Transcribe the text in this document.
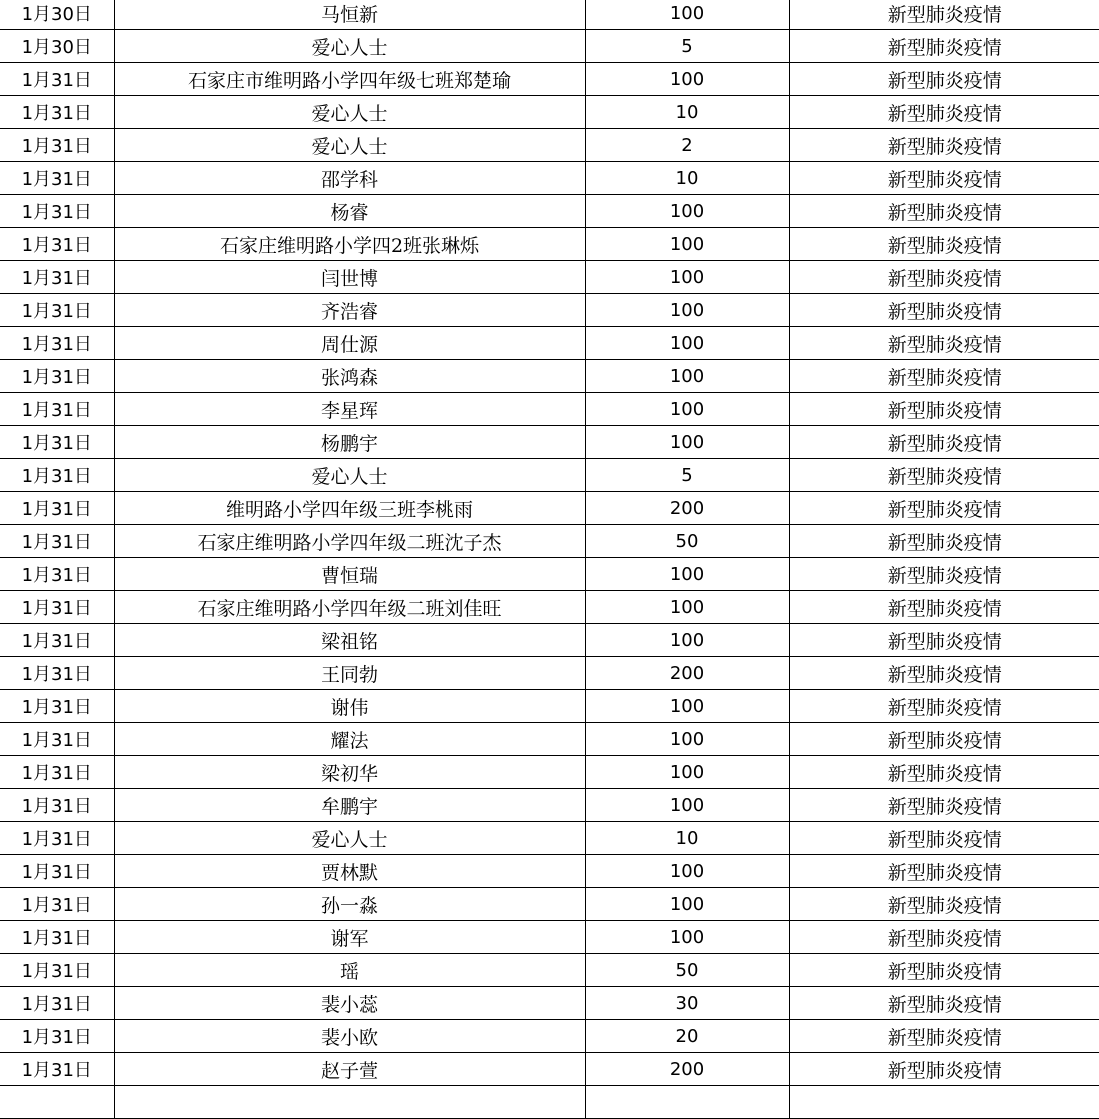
1月30日	马恒新	100	新型肺炎疫情
1月30日	爱心人士	5	新型肺炎疫情
1月31日	石家庄市维明路小学四年级七班郑楚瑜	100	新型肺炎疫情
1月31日	爱心人士	10	新型肺炎疫情
1月31日	爱心人士	2	新型肺炎疫情
1月31日	邵学科	10	新型肺炎疫情
1月31日	杨睿	100	新型肺炎疫情
1月31日	石家庄维明路小学四2班张琳烁	100	新型肺炎疫情
1月31日	闫世博	100	新型肺炎疫情
1月31日	齐浩睿	100	新型肺炎疫情
1月31日	周仕源	100	新型肺炎疫情
1月31日	张鸿森	100	新型肺炎疫情
1月31日	李星珲	100	新型肺炎疫情
1月31日	杨鹏宇	100	新型肺炎疫情
1月31日	爱心人士	5	新型肺炎疫情
1月31日	维明路小学四年级三班李桃雨	200	新型肺炎疫情
1月31日	石家庄维明路小学四年级二班沈子杰	50	新型肺炎疫情
1月31日	曹恒瑞	100	新型肺炎疫情
1月31日	石家庄维明路小学四年级二班刘佳旺	100	新型肺炎疫情
1月31日	梁祖铭	100	新型肺炎疫情
1月31日	王同勃	200	新型肺炎疫情
1月31日	谢伟	100	新型肺炎疫情
1月31日	耀法	100	新型肺炎疫情
1月31日	梁初华	100	新型肺炎疫情
1月31日	牟鹏宇	100	新型肺炎疫情
1月31日	爱心人士	10	新型肺炎疫情
1月31日	贾林默	100	新型肺炎疫情
1月31日	孙一淼	100	新型肺炎疫情
1月31日	谢军	100	新型肺炎疫情
1月31日	瑶	50	新型肺炎疫情
1月31日	裴小蕊	30	新型肺炎疫情
1月31日	裴小欧	20	新型肺炎疫情
1月31日	赵子萱	200	新型肺炎疫情
